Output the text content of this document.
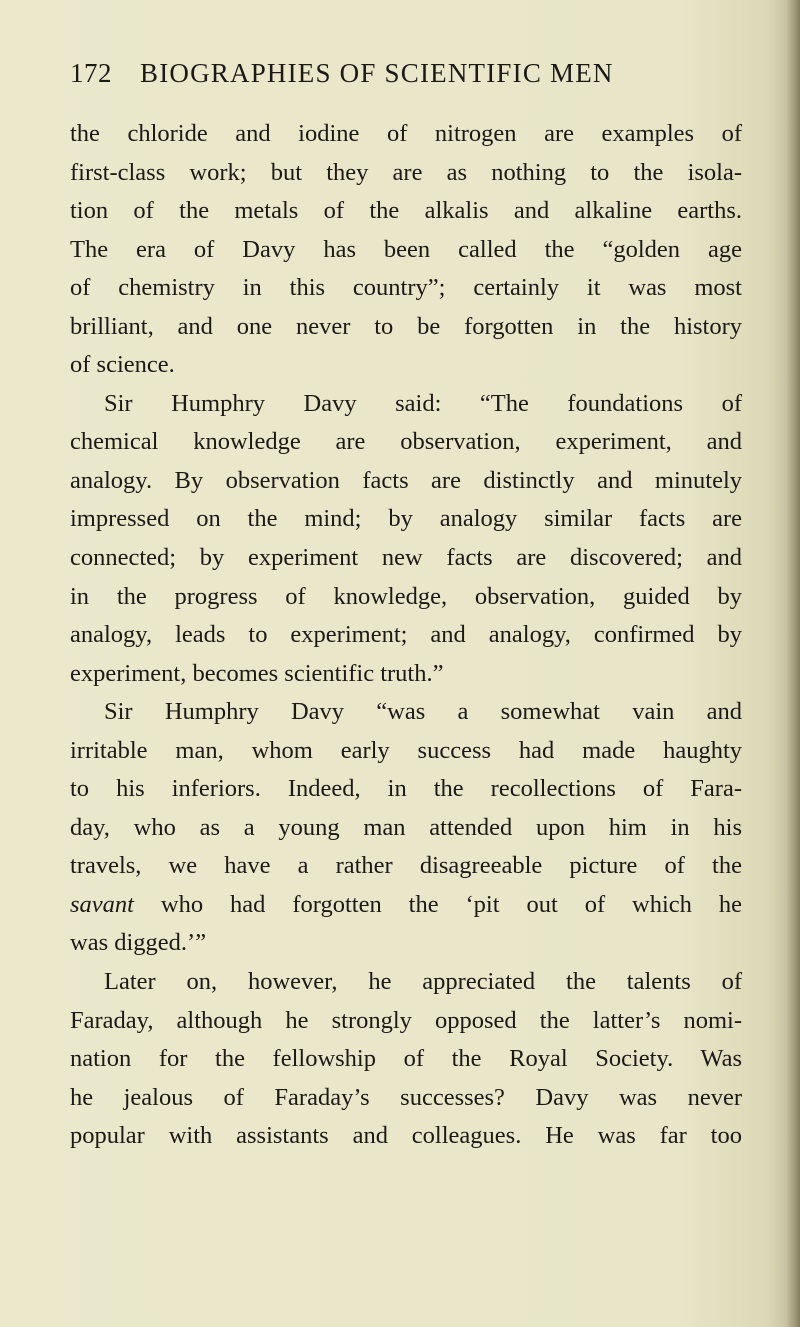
172 BIOGRAPHIES OF SCIENTIFIC MEN
the chloride and iodine of nitrogen are examples of
first-class work; but they are as nothing to the isola-
tion of the metals of the alkalis and alkaline earths.
The era of Davy has been called the “golden age
of chemistry in this country”; certainly it was most
brilliant, and one never to be forgotten in the history
of science.
Sir Humphry Davy said: “The foundations of
chemical knowledge are observation, experiment, and
analogy. By observation facts are distinctly and minutely
impressed on the mind; by analogy similar facts are
connected; by experiment new facts are discovered; and
in the progress of knowledge, observation, guided by
analogy, leads to experiment; and analogy, confirmed by
experiment, becomes scientific truth.”
Sir Humphry Davy “was a somewhat vain and
irritable man, whom early success had made haughty
to his inferiors. Indeed, in the recollections of Fara-
day, who as a young man attended upon him in his
travels, we have a rather disagreeable picture of the
savant who had forgotten the ‘pit out of which he
was digged.’”
Later on, however, he appreciated the talents of
Faraday, although he strongly opposed the latter’s nomi-
nation for the fellowship of the Royal Society. Was
he jealous of Faraday’s successes? Davy was never
popular with assistants and colleagues. He was far too
